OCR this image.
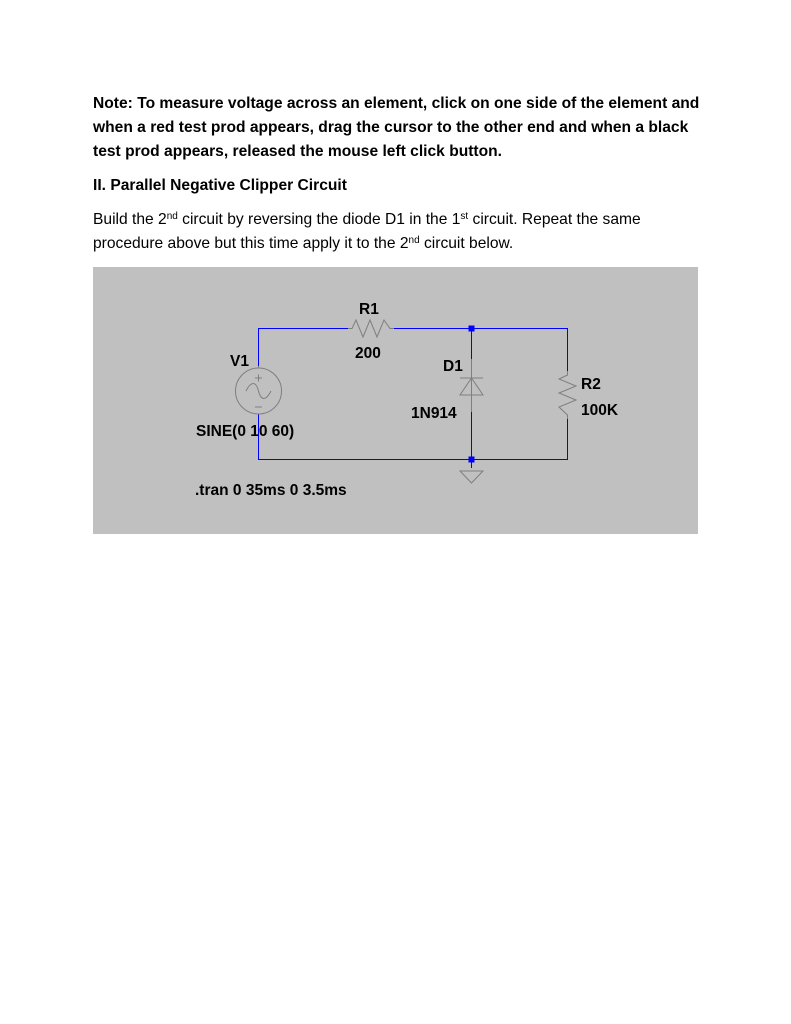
Note: To measure voltage across an element, click on one side of the element and when a red test prod appears, drag the cursor to the other end and when a black test prod appears, released the mouse left click button.

II. Parallel Negative Clipper Circuit

Build the 2nd circuit by reversing the diode D1 in the 1st circuit. Repeat the same procedure above but this time apply it to the 2nd circuit below.

R1
200
V1
SINE(0 10 60)
D1
1N914
R2
100K
.tran 0 35ms 0 3.5ms
